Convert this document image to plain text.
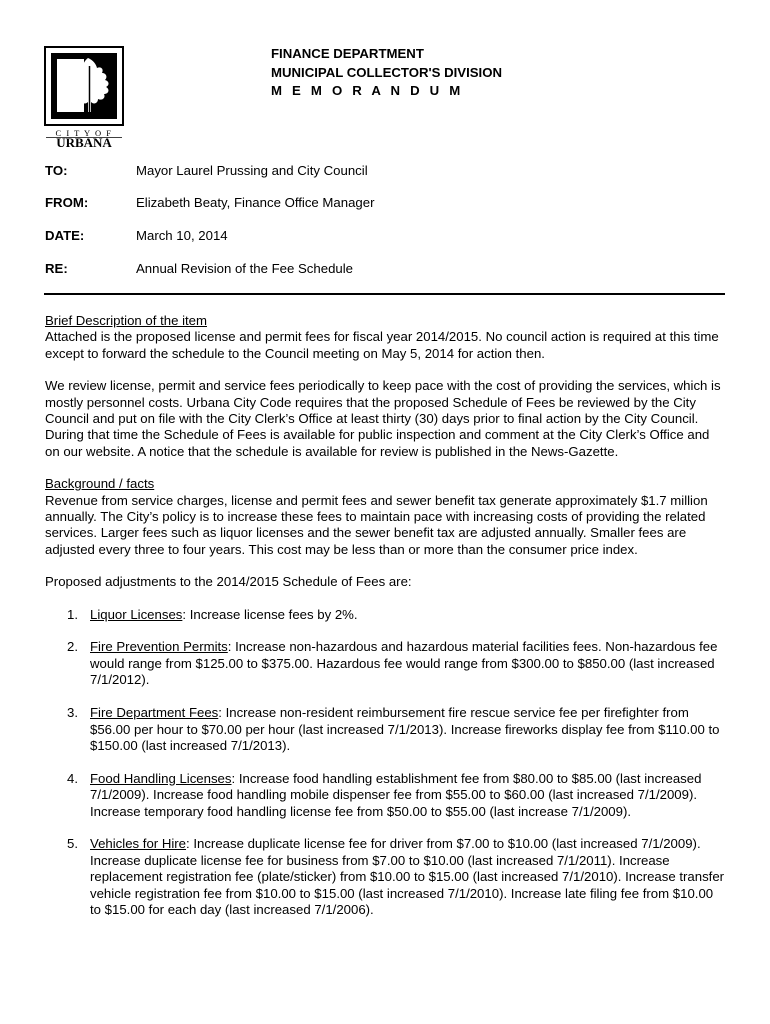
C I T Y O F
URBANA
FINANCE DEPARTMENT
MUNICIPAL COLLECTOR'S DIVISION
M E M O R A N D U M
TO:	Mayor Laurel Prussing and City Council
FROM:	Elizabeth Beaty, Finance Office Manager
DATE:	March 10, 2014
RE:	Annual Revision of the Fee Schedule

Brief Description of the item
Attached is the proposed license and permit fees for fiscal year 2014/2015. No council action is required at this time except to forward the schedule to the Council meeting on May 5, 2014 for action then.

We review license, permit and service fees periodically to keep pace with the cost of providing the services, which is mostly personnel costs. Urbana City Code requires that the proposed Schedule of Fees be reviewed by the City Council and put on file with the City Clerk’s Office at least thirty (30) days prior to final action by the City Council. During that time the Schedule of Fees is available for public inspection and comment at the City Clerk’s Office and on our website. A notice that the schedule is available for review is published in the News-Gazette.

Background / facts
Revenue from service charges, license and permit fees and sewer benefit tax generate approximately $1.7 million annually. The City’s policy is to increase these fees to maintain pace with increasing costs of providing the related services. Larger fees such as liquor licenses and the sewer benefit tax are adjusted annually. Smaller fees are adjusted every three to four years. This cost may be less than or more than the consumer price index.

Proposed adjustments to the 2014/2015 Schedule of Fees are:

1. Liquor Licenses: Increase license fees by 2%.
2. Fire Prevention Permits: Increase non-hazardous and hazardous material facilities fees. Non-hazardous fee would range from $125.00 to $375.00. Hazardous fee would range from $300.00 to $850.00 (last increased 7/1/2012).
3. Fire Department Fees: Increase non-resident reimbursement fire rescue service fee per firefighter from $56.00 per hour to $70.00 per hour (last increased 7/1/2013). Increase fireworks display fee from $110.00 to $150.00 (last increased 7/1/2013).
4. Food Handling Licenses: Increase food handling establishment fee from $80.00 to $85.00 (last increased 7/1/2009). Increase food handling mobile dispenser fee from $55.00 to $60.00 (last increased 7/1/2009). Increase temporary food handling license fee from $50.00 to $55.00 (last increase 7/1/2009).
5. Vehicles for Hire: Increase duplicate license fee for driver from $7.00 to $10.00 (last increased 7/1/2009). Increase duplicate license fee for business from $7.00 to $10.00 (last increased 7/1/2011). Increase replacement registration fee (plate/sticker) from $10.00 to $15.00 (last increased 7/1/2010). Increase transfer vehicle registration fee from $10.00 to $15.00 (last increased 7/1/2010). Increase late filing fee from $10.00 to $15.00 for each day (last increased 7/1/2006).
